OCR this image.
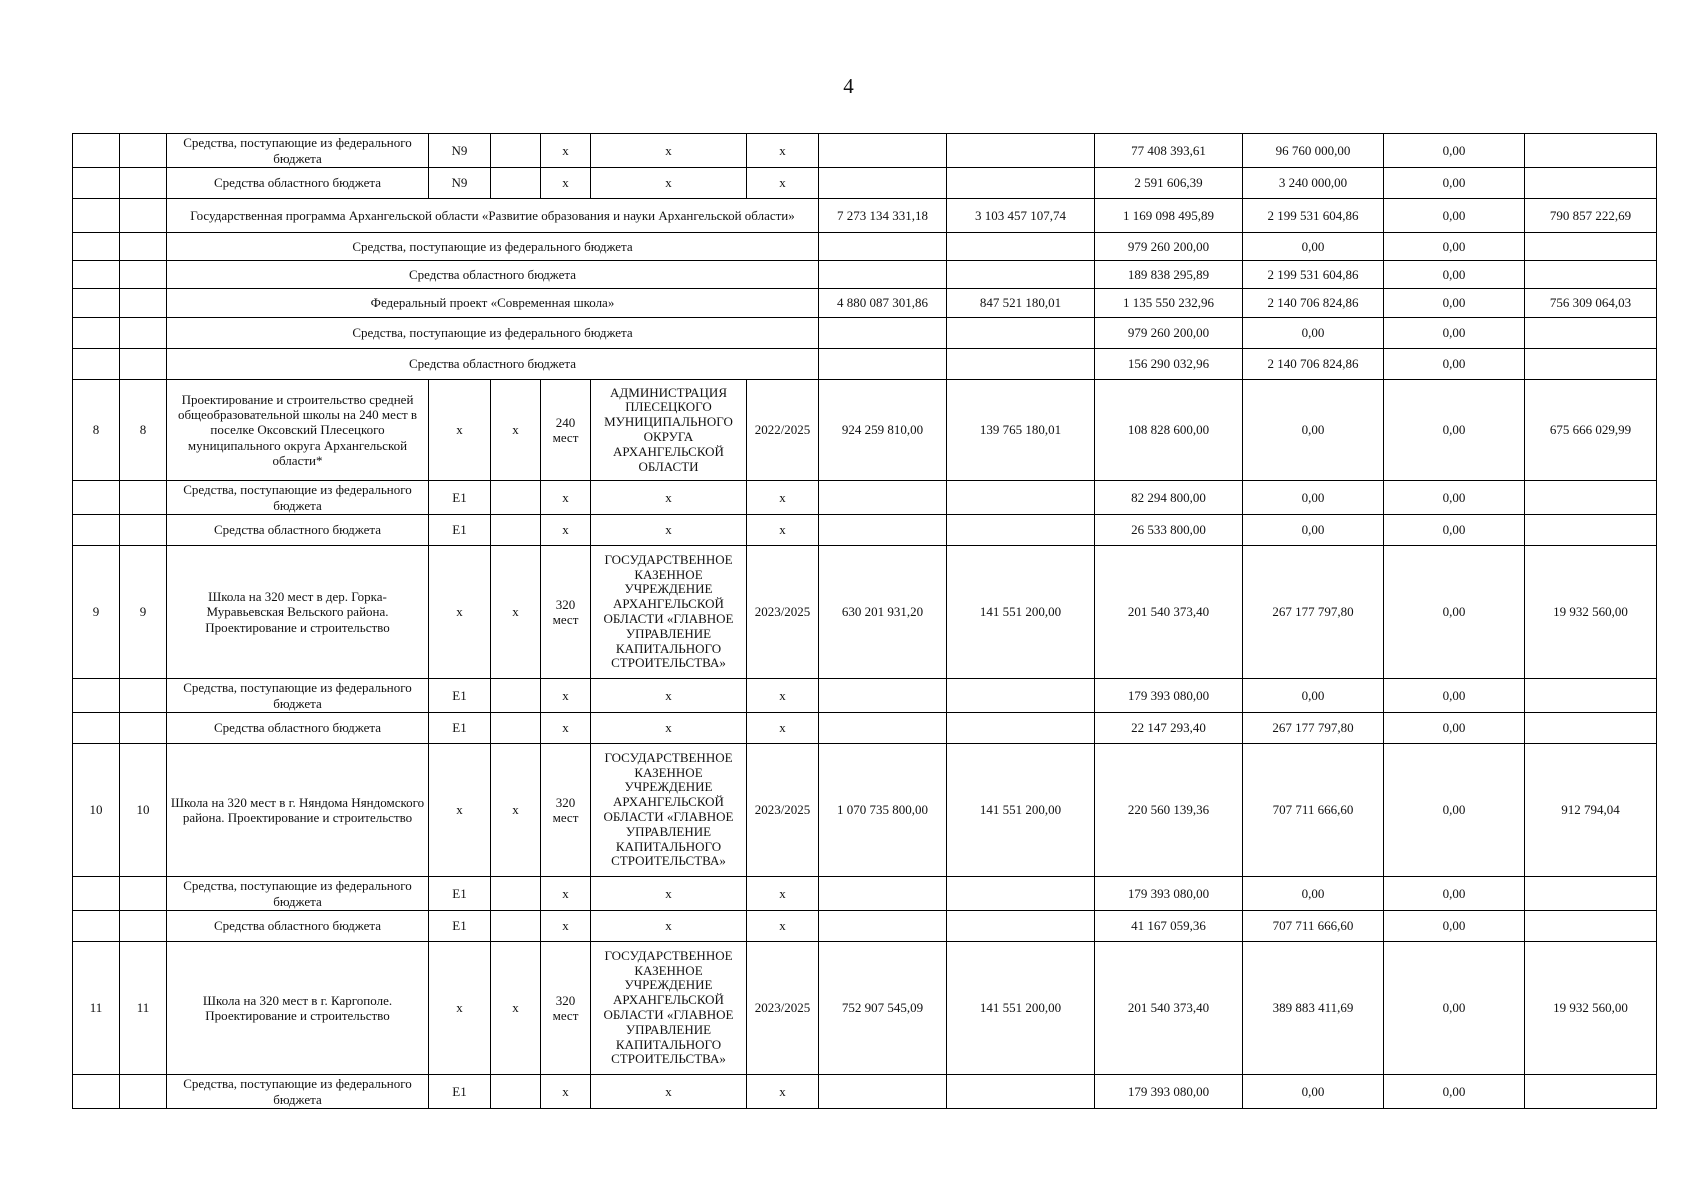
4
		Средства, поступающие из федерального бюджета	N9		x	x	x			77 408 393,61	96 760 000,00	0,00	
		Средства областного бюджета	N9		x	x	x			2 591 606,39	3 240 000,00	0,00	
		Государственная программа Архангельской области «Развитие образования и науки Архангельской области»						7 273 134 331,18	3 103 457 107,74	1 169 098 495,89	2 199 531 604,86	0,00	790 857 222,69
		Средства, поступающие из федерального бюджета								979 260 200,00	0,00	0,00	
		Средства областного бюджета								189 838 295,89	2 199 531 604,86	0,00	
		Федеральный проект «Современная школа»						4 880 087 301,86	847 521 180,01	1 135 550 232,96	2 140 706 824,86	0,00	756 309 064,03
		Средства, поступающие из федерального бюджета								979 260 200,00	0,00	0,00	
		Средства областного бюджета								156 290 032,96	2 140 706 824,86	0,00	
8	8	Проектирование и строительство средней общеобразовательной школы на 240 мест в поселке Оксовский Плесецкого муниципального округа Архангельской области*	x	x	240 мест	АДМИНИСТРАЦИЯ ПЛЕСЕЦКОГО МУНИЦИПАЛЬНОГО ОКРУГА АРХАНГЕЛЬСКОЙ ОБЛАСТИ	2022/2025	924 259 810,00	139 765 180,01	108 828 600,00	0,00	0,00	675 666 029,99
		Средства, поступающие из федерального бюджета	E1		x	x	x			82 294 800,00	0,00	0,00	
		Средства областного бюджета	E1		x	x	x			26 533 800,00	0,00	0,00	
9	9	Школа на 320 мест в дер. Горка-Муравьевская Вельского района. Проектирование и строительство	x	x	320 мест	ГОСУДАРСТВЕННОЕ КАЗЕННОЕ УЧРЕЖДЕНИЕ АРХАНГЕЛЬСКОЙ ОБЛАСТИ «ГЛАВНОЕ УПРАВЛЕНИЕ КАПИТАЛЬНОГО СТРОИТЕЛЬСТВА»	2023/2025	630 201 931,20	141 551 200,00	201 540 373,40	267 177 797,80	0,00	19 932 560,00
		Средства, поступающие из федерального бюджета	E1		x	x	x			179 393 080,00	0,00	0,00	
		Средства областного бюджета	E1		x	x	x			22 147 293,40	267 177 797,80	0,00	
10	10	Школа на 320 мест в г. Няндома Няндомского района. Проектирование и строительство	x	x	320 мест	ГОСУДАРСТВЕННОЕ КАЗЕННОЕ УЧРЕЖДЕНИЕ АРХАНГЕЛЬСКОЙ ОБЛАСТИ «ГЛАВНОЕ УПРАВЛЕНИЕ КАПИТАЛЬНОГО СТРОИТЕЛЬСТВА»	2023/2025	1 070 735 800,00	141 551 200,00	220 560 139,36	707 711 666,60	0,00	912 794,04
		Средства, поступающие из федерального бюджета	E1		x	x	x			179 393 080,00	0,00	0,00	
		Средства областного бюджета	E1		x	x	x			41 167 059,36	707 711 666,60	0,00	
11	11	Школа на 320 мест в г. Каргополе. Проектирование и строительство	x	x	320 мест	ГОСУДАРСТВЕННОЕ КАЗЕННОЕ УЧРЕЖДЕНИЕ АРХАНГЕЛЬСКОЙ ОБЛАСТИ «ГЛАВНОЕ УПРАВЛЕНИЕ КАПИТАЛЬНОГО СТРОИТЕЛЬСТВА»	2023/2025	752 907 545,09	141 551 200,00	201 540 373,40	389 883 411,69	0,00	19 932 560,00
		Средства, поступающие из федерального бюджета	E1		x	x	x			179 393 080,00	0,00	0,00	
